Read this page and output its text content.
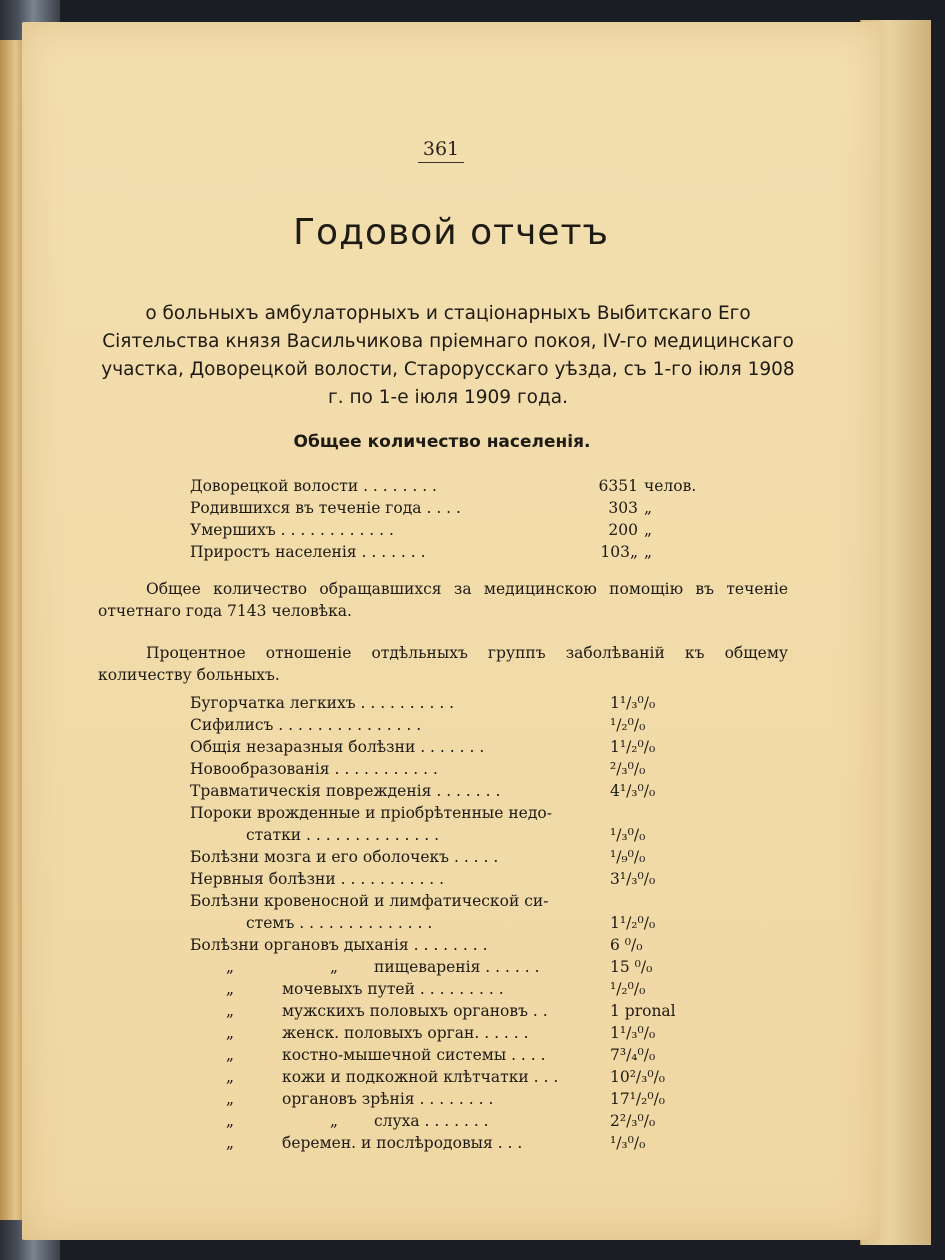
361
Годовой отчетъ
о больныхъ амбулаторныхъ и стаціонарныхъ Выбитскаго Его Сіятельства князя Васильчикова пріемнаго покоя, IV-го медицинскаго участка, Доворецкой волости, Старорусскаго уѣзда, съ 1-го іюля 1908 г. по 1-е іюля 1909 года.
Общее количество населенія.
Доворецкой волости . . . . . . . .	6351 челов.
Родившихся въ теченіе года . . . .	303 „
Умершихъ . . . . . . . . . . . .	200 „
Приростъ населенія . . . . . . .	103„ „
Общее количество обращавшихся за медицинскою помощію въ теченіе отчетнаго года 7143 человѣка.
Процентное отношеніе отдѣльныхъ группъ заболѣваній къ общему количеству больныхъ.
Бугорчатка легкихъ . . . . . . . . . .	1¹/₃⁰/₀
Сифилисъ . . . . . . . . . . . . . . .	¹/₂⁰/₀
Общія незаразныя болѣзни . . . . . . .	1¹/₂⁰/₀
Новообразованія . . . . . . . . . . .	²/₃⁰/₀
Травматическія поврежденія . . . . . . .	4¹/₃⁰/₀
Пороки врожденные и пріобрѣтенные недо-
статки . . . . . . . . . . . . . .	¹/₃⁰/₀
Болѣзни мозга и его оболочекъ . . . . .	¹/₉⁰/₀
Нервныя болѣзни . . . . . . . . . . .	3¹/₃⁰/₀
Болѣзни кровеносной и лимфатической си-
стемъ . . . . . . . . . . . . . .	1¹/₂⁰/₀
Болѣзни органовъ дыханія . . . . . . . .	6 ⁰/₀
„	„ пищеваренія . . . . . .	15 ⁰/₀
„	мочевыхъ путей . . . . . . . . .	¹/₂⁰/₀
„	мужскихъ половыхъ органовъ . .	1 pronal
„	женск. половыхъ орган. . . . . .	1¹/₃⁰/₀
„	костно-мышечной системы . . . .	7³/₄⁰/₀
„	кожи и подкожной клѣтчатки . . .	10²/₃⁰/₀
„	органовъ зрѣнія . . . . . . . .	17¹/₂⁰/₀
„	„ слуха . . . . . . .	2²/₃⁰/₀
„	беремен. и послѣродовыя . . .	¹/₃⁰/₀
